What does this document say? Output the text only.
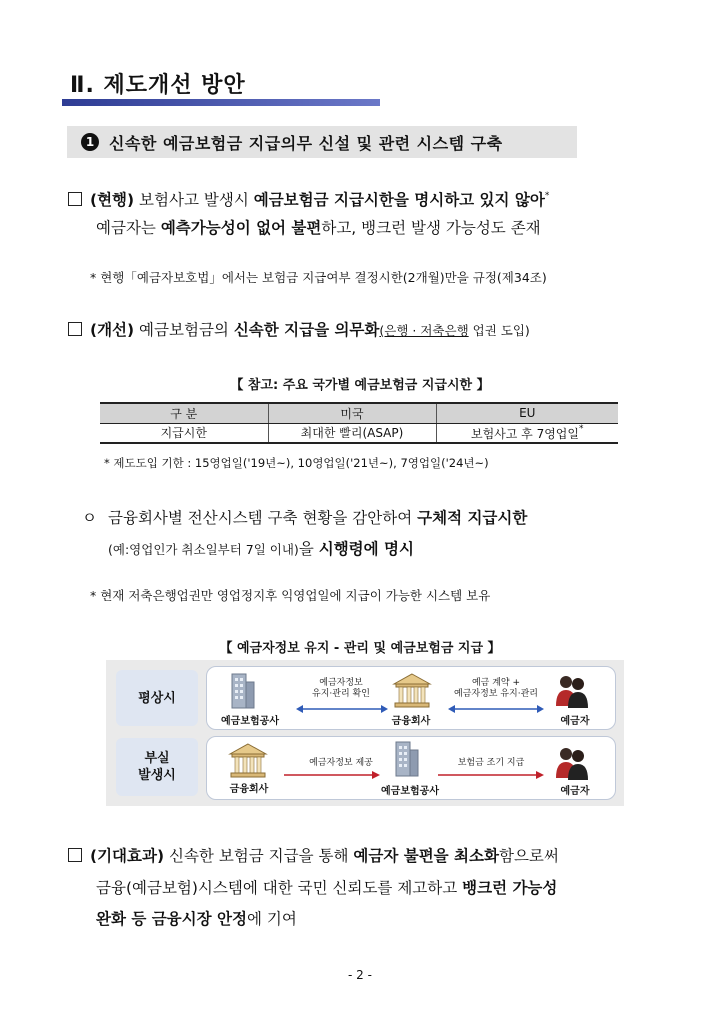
Ⅱ. 제도개선 방안
1 신속한 예금보험금 지급의무 신설 및 관련 시스템 구축
(현행) 보험사고 발생시 예금보험금 지급시한을 명시하고 있지 않아*
예금자는 예측가능성이 없어 불편하고, 뱅크런 발생 가능성도 존재
* 현행「예금자보호법」에서는 보험금 지급여부 결정시한(2개월)만을 규정(제34조)
(개선) 예금보험금의 신속한 지급을 의무화(은행 · 저축은행 업권 도입)
【 참고: 주요 국가별 예금보험금 지급시한 】
구 분	미국	EU
지급시한	최대한 빨리(ASAP)	보험사고 후 7영업일*
* 제도도입 기한 : 15영업일('19년~), 10영업일('21년~), 7영업일('24년~)
ㅇ 금융회사별 전산시스템 구축 현황을 감안하여 구체적 지급시한
(예:영업인가 취소일부터 7일 이내)을 시행령에 명시
* 현재 저축은행업권만 영업정지후 익영업일에 지급이 가능한 시스템 보유
【 예금자정보 유지 - 관리 및 예금보험금 지급 】
평상시
예금보험공사
예금자정보
유지·관리 확인
금융회사
예금 계약 +
예금자정보 유지·관리
예금자
부실
발생시
금융회사
예금자정보 제공
예금보험공사
보험금 조기 지급
예금자
(기대효과) 신속한 보험금 지급을 통해 예금자 불편을 최소화함으로써
금융(예금보험)시스템에 대한 국민 신뢰도를 제고하고 뱅크런 가능성
완화 등 금융시장 안정에 기여
- 2 -
